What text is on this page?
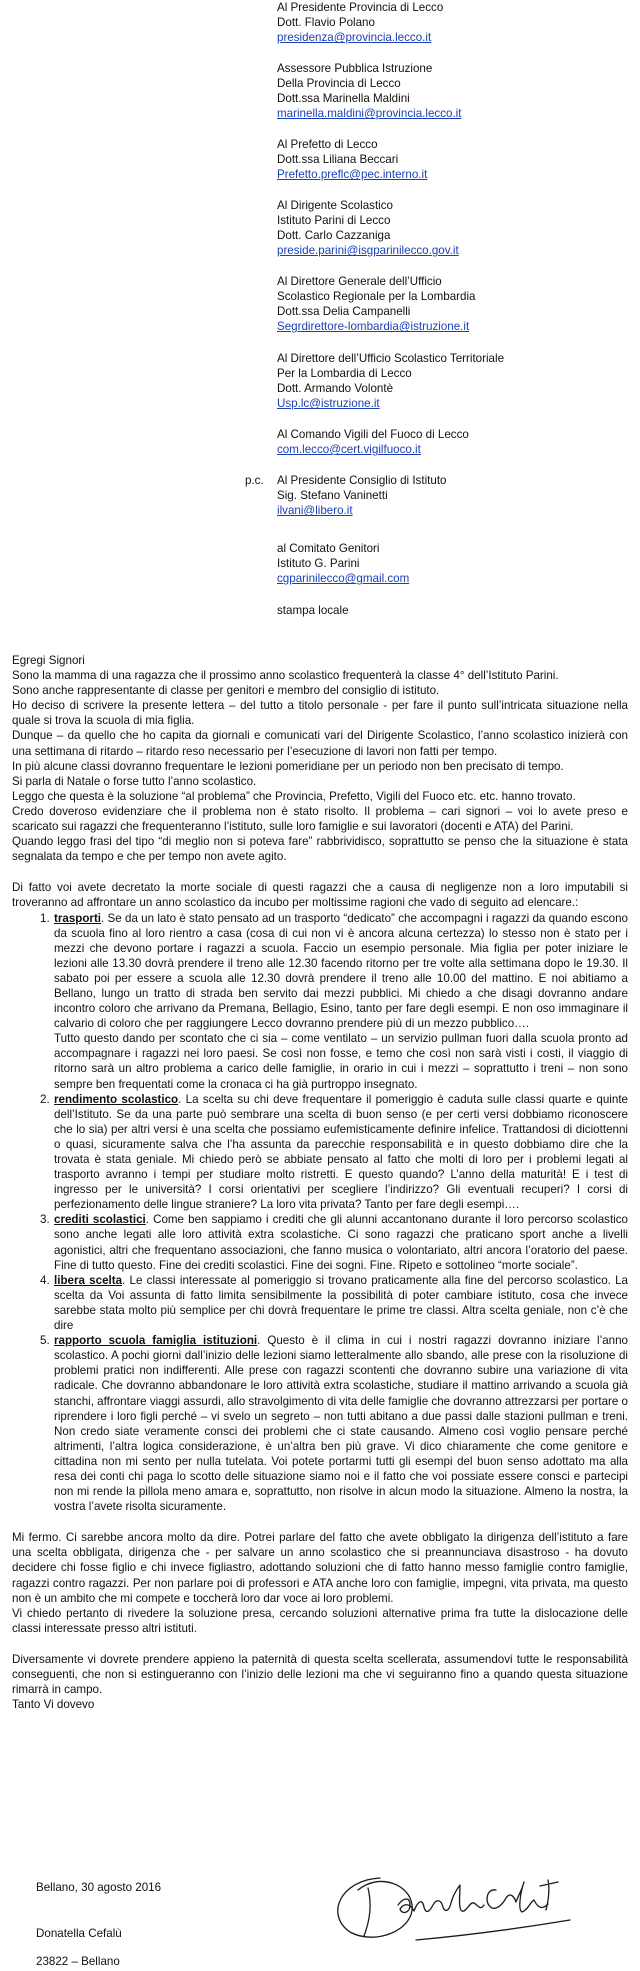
Al Presidente Provincia di Lecco
Dott. Flavio Polano
presidenza@provincia.lecco.it
Assessore Pubblica Istruzione
Della Provincia di Lecco
Dott.ssa Marinella Maldini
marinella.maldini@provincia.lecco.it
Al Prefetto di Lecco
Dott.ssa Liliana Beccari
Prefetto.preflc@pec.interno.it
Al Dirigente Scolastico
Istituto Parini di Lecco
Dott. Carlo Cazzaniga
preside.parini@isgparinilecco.gov.it
Al Direttore Generale dell’Ufficio
Scolastico Regionale per la Lombardia
Dott.ssa Delia Campanelli
Segrdirettore-lombardia@istruzione.it
Al Direttore dell’Ufficio Scolastico Territoriale
Per la Lombardia di Lecco
Dott. Armando Volontè
Usp.lc@istruzione.it
Al Comando Vigili del Fuoco di Lecco
com.lecco@cert.vigilfuoco.it
p.c. Al Presidente Consiglio di Istituto
Sig. Stefano Vaninetti
ilvani@libero.it
al Comitato Genitori
Istituto G. Parini
cgparinilecco@gmail.com
stampa locale

Egregi Signori

Sono la mamma di una ragazza che il prossimo anno scolastico frequenterà la classe 4° dell’Istituto Parini.

Sono anche rappresentante di classe per genitori e membro del consiglio di istituto.

Ho deciso di scrivere la presente lettera – del tutto a titolo personale - per fare il punto sull’intricata situazione nella quale si trova la scuola di mia figlia.

Dunque – da quello che ho capita da giornali e comunicati vari del Dirigente Scolastico, l’anno scolastico inizierà con una settimana di ritardo – ritardo reso necessario per l’esecuzione di lavori non fatti per tempo.

In più alcune classi dovranno frequentare le lezioni pomeridiane per un periodo non ben precisato di tempo.

Si parla di Natale o forse tutto l’anno scolastico.

Leggo che questa è la soluzione “al problema” che Provincia, Prefetto, Vigili del Fuoco etc. etc. hanno trovato.

Credo doveroso evidenziare che il problema non è stato risolto. Il problema – cari signori – voi lo avete preso e scaricato sui ragazzi che frequenteranno l’istituto, sulle loro famiglie e sui lavoratori (docenti e ATA) del Parini.

Quando leggo frasi del tipo “di meglio non si poteva fare” rabbrividisco, soprattutto se penso che la situazione è stata segnalata da tempo e che per tempo non avete agito.

Di fatto voi avete decretato la morte sociale di questi ragazzi che a causa di negligenze non a loro imputabili si troveranno ad affrontare un anno scolastico da incubo per moltissime ragioni che vado di seguito ad elencare.:

1. trasporti. Se da un lato è stato pensato ad un trasporto “dedicato” che accompagni i ragazzi da quando escono da scuola fino al loro rientro a casa (cosa di cui non vi è ancora alcuna certezza) lo stesso non è stato per i mezzi che devono portare i ragazzi a scuola. Faccio un esempio personale. Mia figlia per poter iniziare le lezioni alle 13.30 dovrà prendere il treno alle 12.30 facendo ritorno per tre volte alla settimana dopo le 19.30. Il sabato poi per essere a scuola alle 12.30 dovrà prendere il treno alle 10.00 del mattino. E noi abitiamo a Bellano, lungo un tratto di strada ben servito dai mezzi pubblici. Mi chiedo a che disagi dovranno andare incontro coloro che arrivano da Premana, Bellagio, Esino, tanto per fare degli esempi. E non oso immaginare il calvario di coloro che per raggiungere Lecco dovranno prendere più di un mezzo pubblico….
Tutto questo dando per scontato che ci sia – come ventilato – un servizio pullman fuori dalla scuola pronto ad accompagnare i ragazzi nei loro paesi. Se così non fosse, e temo che così non sarà visti i costi, il viaggio di ritorno sarà un altro problema a carico delle famiglie, in orario in cui i mezzi – soprattutto i treni – non sono sempre ben frequentati come la cronaca ci ha già purtroppo insegnato.
2. rendimento scolastico. La scelta su chi deve frequentare il pomeriggio è caduta sulle classi quarte e quinte dell’Istituto. Se da una parte può sembrare una scelta di buon senso (e per certi versi dobbiamo riconoscere che lo sia) per altri versi è una scelta che possiamo eufemisticamente definire infelice. Trattandosi di diciottenni o quasi, sicuramente salva che l’ha assunta da parecchie responsabilità e in questo dobbiamo dire che la trovata è stata geniale. Mi chiedo però se abbiate pensato al fatto che molti di loro per i problemi legati al trasporto avranno i tempi per studiare molto ristretti. E questo quando? L’anno della maturità! E i test di ingresso per le università? I corsi orientativi per scegliere l’indirizzo? Gli eventuali recuperi? I corsi di perfezionamento delle lingue straniere? La loro vita privata? Tanto per fare degli esempi….
3. crediti scolastici. Come ben sappiamo i crediti che gli alunni accantonano durante il loro percorso scolastico sono anche legati alle loro attività extra scolastiche. Ci sono ragazzi che praticano sport anche a livelli agonistici, altri che frequentano associazioni, che fanno musica o volontariato, altri ancora l’oratorio del paese. Fine di tutto questo. Fine dei crediti scolastici. Fine dei sogni. Fine. Ripeto e sottolineo “morte sociale”.
4. libera scelta. Le classi interessate al pomeriggio si trovano praticamente alla fine del percorso scolastico. La scelta da Voi assunta di fatto limita sensibilmente la possibilità di poter cambiare istituto, cosa che invece sarebbe stata molto più semplice per chi dovrà frequentare le prime tre classi. Altra scelta geniale, non c’è che dire
5. rapporto scuola famiglia istituzioni. Questo è il clima in cui i nostri ragazzi dovranno iniziare l’anno scolastico. A pochi giorni dall’inizio delle lezioni siamo letteralmente allo sbando, alle prese con la risoluzione di problemi pratici non indifferenti. Alle prese con ragazzi scontenti che dovranno subire una variazione di vita radicale. Che dovranno abbandonare le loro attività extra scolastiche, studiare il mattino arrivando a scuola già stanchi, affrontare viaggi assurdi, allo stravolgimento di vita delle famiglie che dovranno attrezzarsi per portare o riprendere i loro figli perché – vi svelo un segreto – non tutti abitano a due passi dalle stazioni pullman e treni. Non credo siate veramente consci dei problemi che ci state causando. Almeno così voglio pensare perché altrimenti, l’altra logica considerazione, è un’altra ben più grave. Vi dico chiaramente che come genitore e cittadina non mi sento per nulla tutelata. Voi potete portarmi tutti gli esempi del buon senso adottato ma alla resa dei conti chi paga lo scotto delle situazione siamo noi e il fatto che voi possiate essere consci e partecipi non mi rende la pillola meno amara e, soprattutto, non risolve in alcun modo la situazione. Almeno la nostra, la vostra l’avete risolta sicuramente.

Mi fermo. Ci sarebbe ancora molto da dire. Potrei parlare del fatto che avete obbligato la dirigenza dell’istituto a fare una scelta obbligata, dirigenza che - per salvare un anno scolastico che si preannunciava disastroso - ha dovuto decidere chi fosse figlio e chi invece figliastro, adottando soluzioni che di fatto hanno messo famiglie contro famiglie, ragazzi contro ragazzi. Per non parlare poi di professori e ATA anche loro con famiglie, impegni, vita privata, ma questo non è un ambito che mi compete e toccherà loro dar voce ai loro problemi.

Vi chiedo pertanto di rivedere la soluzione presa, cercando soluzioni alternative prima fra tutte la dislocazione delle classi interessate presso altri istituti.

Diversamente vi dovrete prendere appieno la paternità di questa scelta scellerata, assumendovi tutte le responsabilità conseguenti, che non si estingueranno con l’inizio delle lezioni ma che vi seguiranno fino a quando questa situazione rimarrà in campo.

Tanto Vi dovevo

Bellano, 30 agosto 2016
Donatella Cefalù
23822 – Bellano
